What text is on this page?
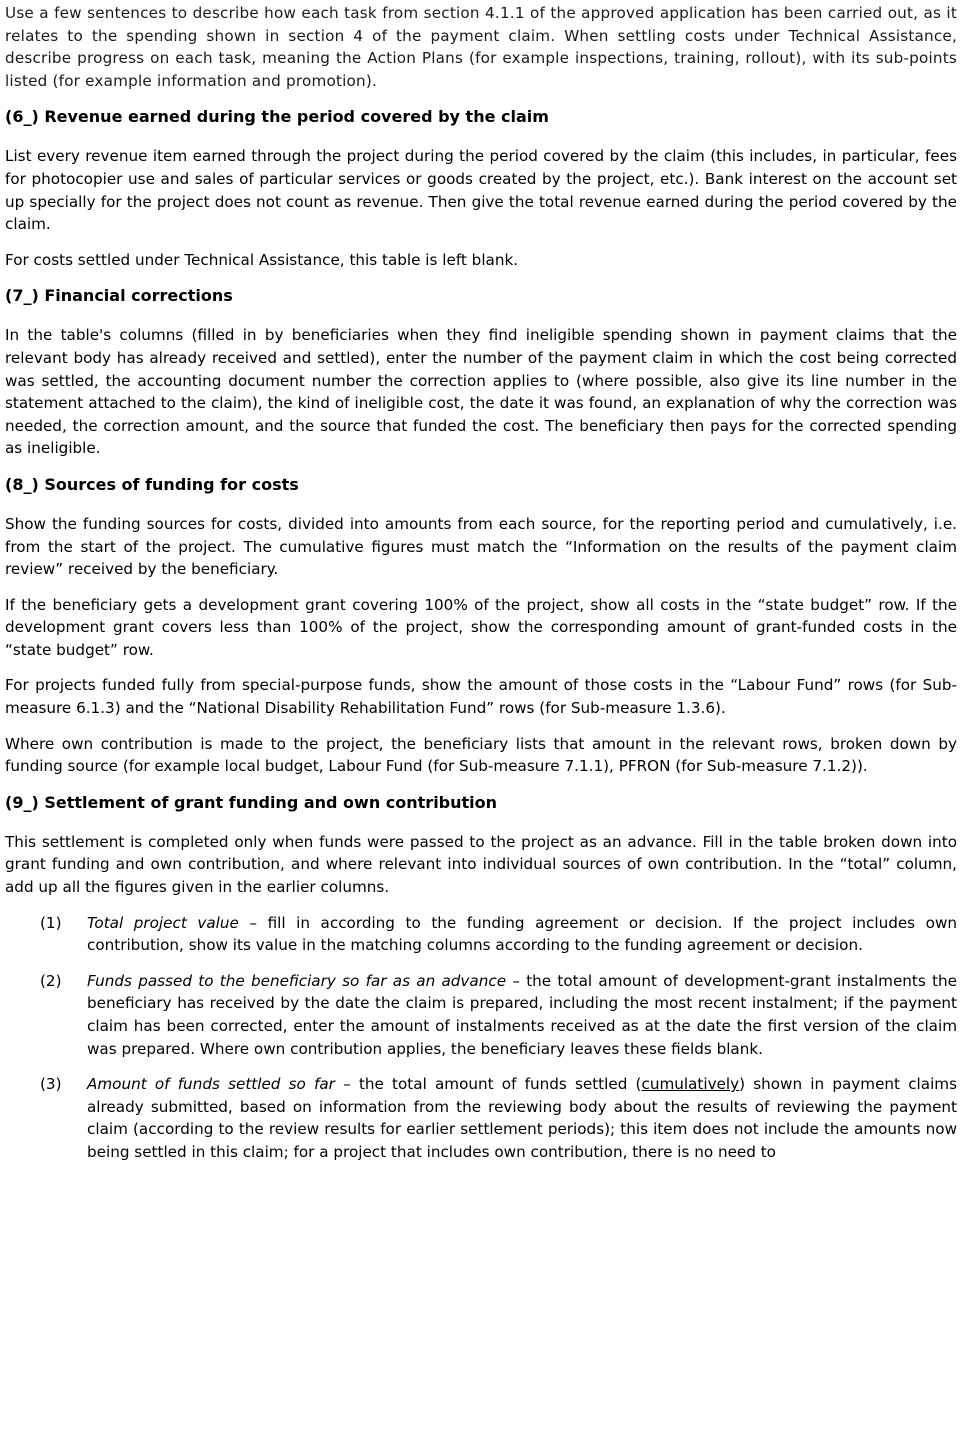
Use a few sentences to describe how each task from section 4.1.1 of the approved application has been carried out, as it relates to the spending shown in section 4 of the payment claim. When settling costs under Technical Assistance, describe progress on each task, meaning the Action Plans (for example inspections, training, rollout), with its sub-points listed (for example information and promotion).

(6_) Revenue earned during the period covered by the claim

List every revenue item earned through the project during the period covered by the claim (this includes, in particular, fees for photocopier use and sales of particular services or goods created by the project, etc.). Bank interest on the account set up specially for the project does not count as revenue. Then give the total revenue earned during the period covered by the claim.

For costs settled under Technical Assistance, this table is left blank.

(7_) Financial corrections

In the table's columns (filled in by beneficiaries when they find ineligible spending shown in payment claims that the relevant body has already received and settled), enter the number of the payment claim in which the cost being corrected was settled, the accounting document number the correction applies to (where possible, also give its line number in the statement attached to the claim), the kind of ineligible cost, the date it was found, an explanation of why the correction was needed, the correction amount, and the source that funded the cost. The beneficiary then pays for the corrected spending as ineligible.

(8_) Sources of funding for costs

Show the funding sources for costs, divided into amounts from each source, for the reporting period and cumulatively, i.e. from the start of the project. The cumulative figures must match the “Information on the results of the payment claim review” received by the beneficiary.

If the beneficiary gets a development grant covering 100% of the project, show all costs in the “state budget” row. If the development grant covers less than 100% of the project, show the corresponding amount of grant-funded costs in the “state budget” row.

For projects funded fully from special-purpose funds, show the amount of those costs in the “Labour Fund” rows (for Sub-measure 6.1.3) and the “National Disability Rehabilitation Fund” rows (for Sub-measure 1.3.6).

Where own contribution is made to the project, the beneficiary lists that amount in the relevant rows, broken down by funding source (for example local budget, Labour Fund (for Sub-measure 7.1.1), PFRON (for Sub-measure 7.1.2)).

(9_) Settlement of grant funding and own contribution

This settlement is completed only when funds were passed to the project as an advance. Fill in the table broken down into grant funding and own contribution, and where relevant into individual sources of own contribution. In the “total” column, add up all the figures given in the earlier columns.

(1)	Total project value – fill in according to the funding agreement or decision. If the project includes own contribution, show its value in the matching columns according to the funding agreement or decision.
(2)	Funds passed to the beneficiary so far as an advance – the total amount of development-grant instalments the beneficiary has received by the date the claim is prepared, including the most recent instalment; if the payment claim has been corrected, enter the amount of instalments received as at the date the first version of the claim was prepared. Where own contribution applies, the beneficiary leaves these fields blank.
(3)	Amount of funds settled so far – the total amount of funds settled (cumulatively) shown in payment claims already submitted, based on information from the reviewing body about the results of reviewing the payment claim (according to the review results for earlier settlement periods); this item does not include the amounts now being settled in this claim; for a project that includes own contribution, there is no need to
